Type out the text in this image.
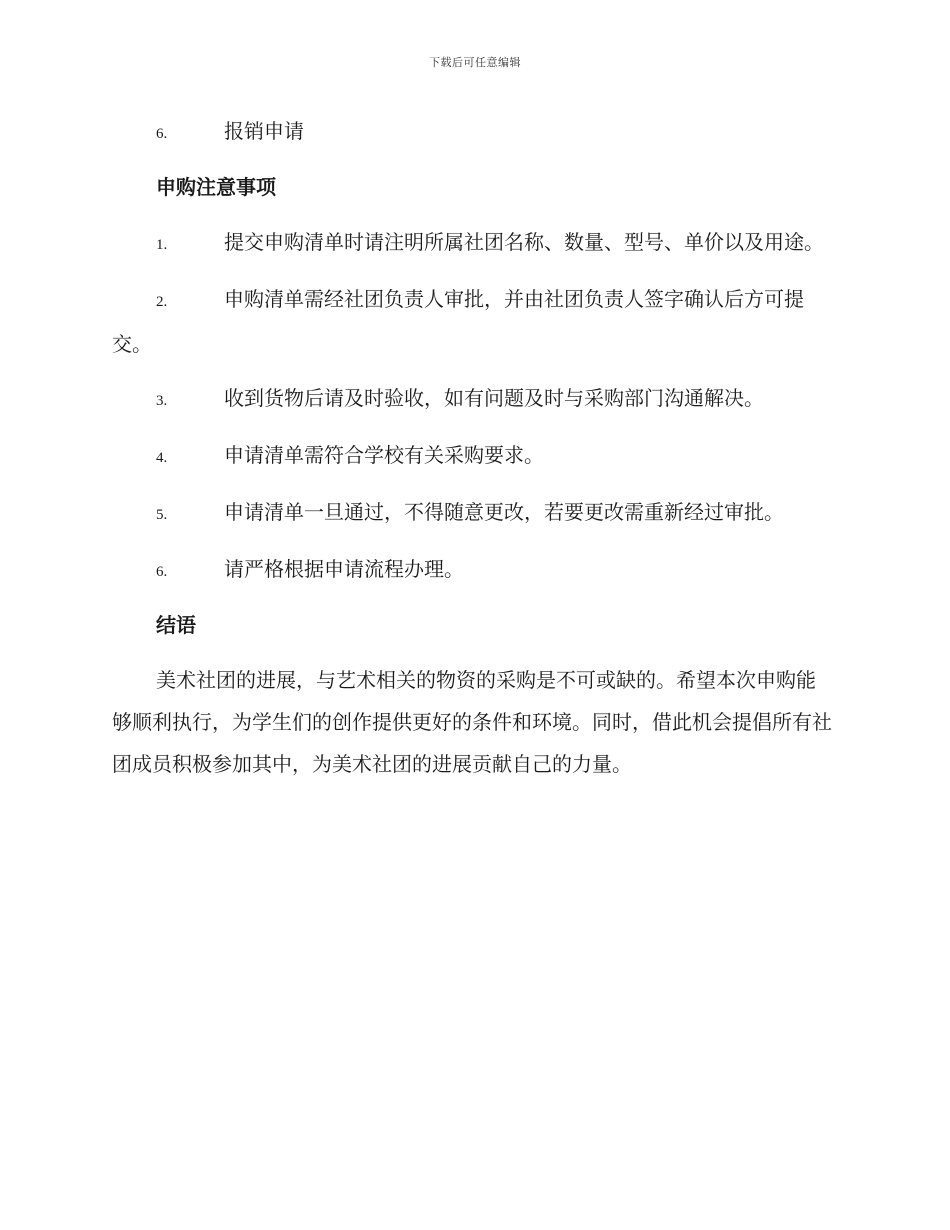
下载后可任意编辑
6.	报销申请
申购注意事项
1.	提交申购清单时请注明所属社团名称、数量、型号、单价以及用途。
2.	申购清单需经社团负责人审批，并由社团负责人签字确认后方可提交。
3.	收到货物后请及时验收，如有问题及时与采购部门沟通解决。
4.	申请清单需符合学校有关采购要求。
5.	申请清单一旦通过，不得随意更改，若要更改需重新经过审批。
6.	请严格根据申请流程办理。
结语
美术社团的进展，与艺术相关的物资的采购是不可或缺的。希望本次申购能够顺利执行，为学生们的创作提供更好的条件和环境。同时，借此机会提倡所有社团成员积极参加其中，为美术社团的进展贡献自己的力量。
